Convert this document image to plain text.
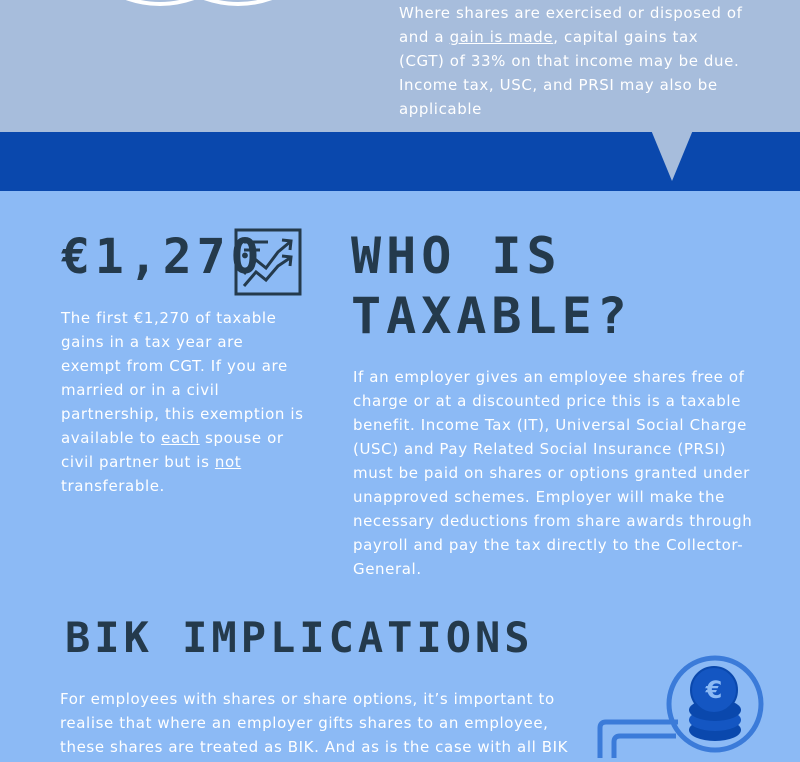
Where shares are exercised or disposed of and a gain is made, capital gains tax (CGT) of 33% on that income may be due. Income tax, USC, and PRSI may also be applicable

€1,270

The first €1,270 of taxable gains in a tax year are exempt from CGT. If you are married or in a civil partnership, this exemption is available to each spouse or civil partner but is not transferable.

WHO IS TAXABLE?

If an employer gives an employee shares free of charge or at a discounted price this is a taxable benefit. Income Tax (IT), Universal Social Charge (USC) and Pay Related Social Insurance (PRSI) must be paid on shares or options granted under unapproved schemes. Employer will make the necessary deductions from share awards through payroll and pay the tax directly to the Collector-General.

BIK IMPLICATIONS

For employees with shares or share options, it’s important to realise that where an employer gifts shares to an employee, these shares are treated as BIK. And as is the case with all BIK

€
